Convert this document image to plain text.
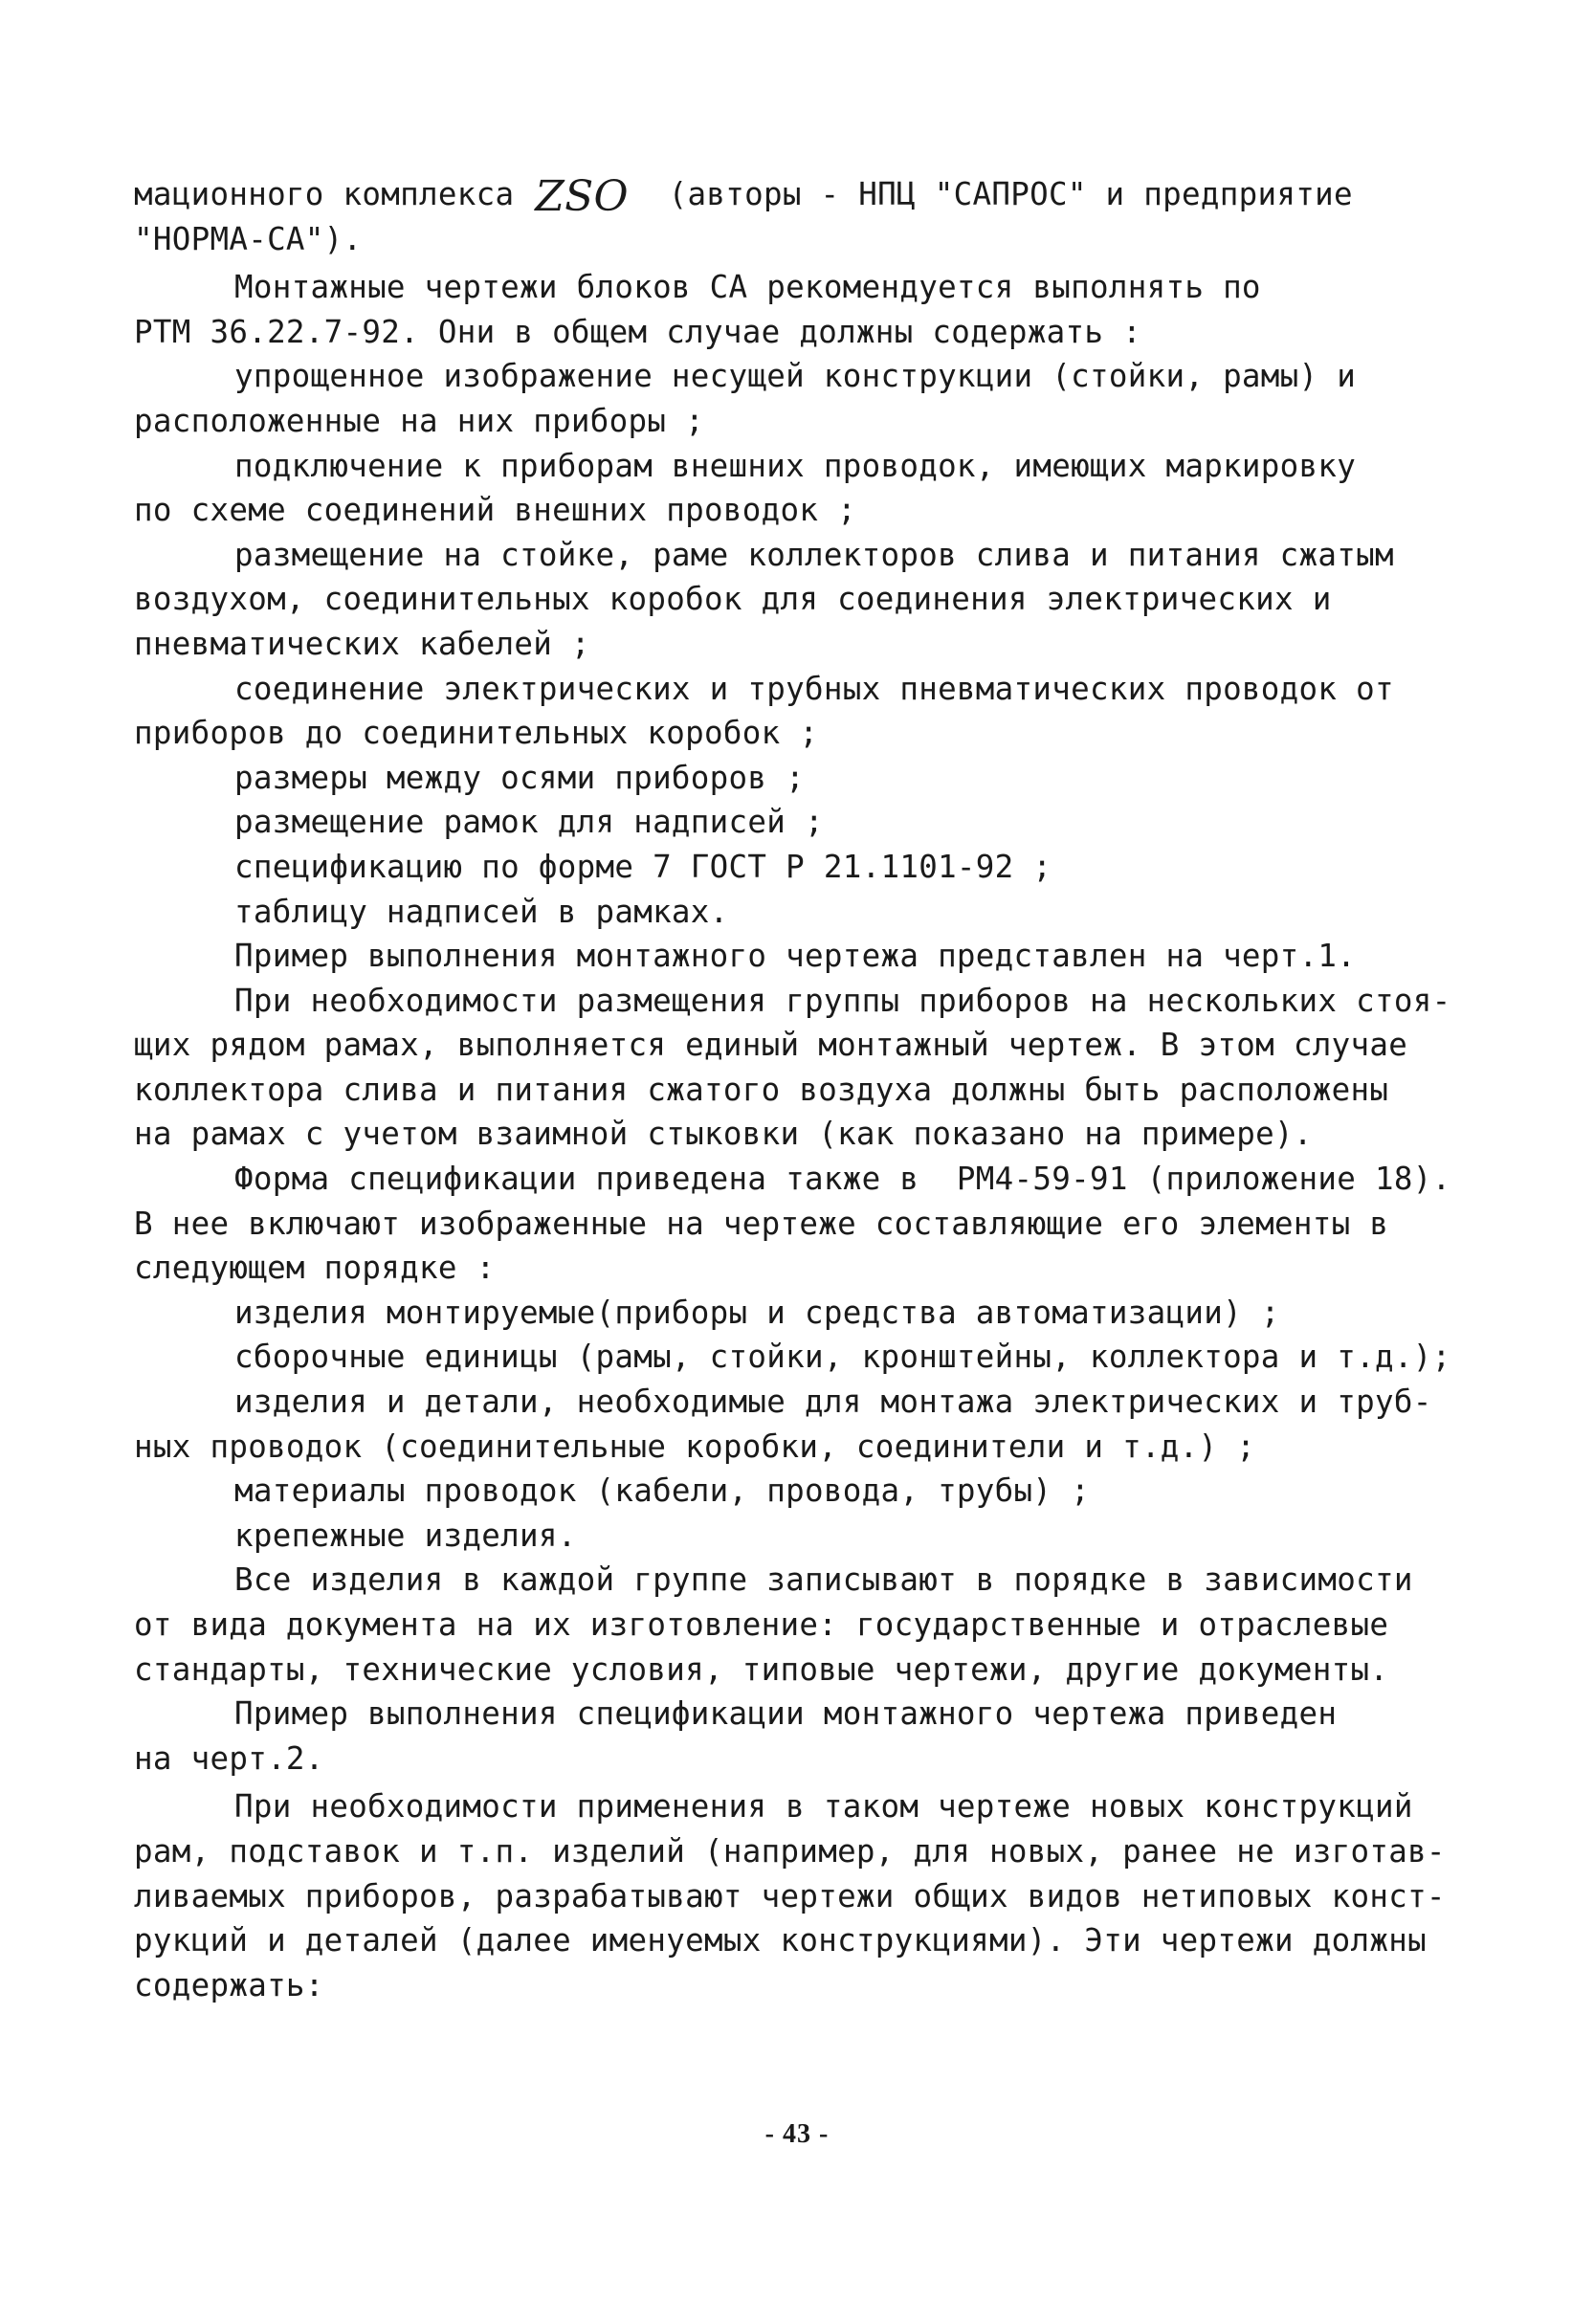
мационного комплекса ZSO  (авторы - НПЦ "САПРОС" и предприятие
"НОРМА-СА").
Монтажные чертежи блоков СА рекомендуется выполнять по
РТМ 36.22.7-92. Они в общем случае должны содержать :
упрощенное изображение несущей конструкции (стойки, рамы) и
расположенные на них приборы ;
подключение к приборам внешних проводок, имеющих маркировку
по схеме соединений внешних проводок ;
размещение на стойке, раме коллекторов слива и питания сжатым
воздухом, соединительных коробок для соединения электрических и
пневматических кабелей ;
соединение электрических и трубных пневматических проводок от
приборов до соединительных коробок ;
размеры между осями приборов ;
размещение рамок для надписей ;
спецификацию по форме 7 ГОСТ Р 21.1101-92 ;
таблицу надписей в рамках.
Пример выполнения монтажного чертежа представлен на черт.1.
При необходимости размещения группы приборов на нескольких стоя-
щих рядом рамах, выполняется единый монтажный чертеж. В этом случае
коллектора слива и питания сжатого воздуха должны быть расположены
на рамах с учетом взаимной стыковки (как показано на примере).
Форма спецификации приведена также в  РМ4-59-91 (приложение 18).
В нее включают изображенные на чертеже составляющие его элементы в
следующем порядке :
изделия монтируемые(приборы и средства автоматизации) ;
сборочные единицы (рамы, стойки, кронштейны, коллектора и т.д.);
изделия и детали, необходимые для монтажа электрических и труб-
ных проводок (соединительные коробки, соединители и т.д.) ;
материалы проводок (кабели, провода, трубы) ;
крепежные изделия.
Все изделия в каждой группе записывают в порядке в зависимости
от вида документа на их изготовление: государственные и отраслевые
стандарты, технические условия, типовые чертежи, другие документы.
Пример выполнения спецификации монтажного чертежа приведен
на черт.2.
При необходимости применения в таком чертеже новых конструкций
рам, подставок и т.п. изделий (например, для новых, ранее не изготав-
ливаемых приборов, разрабатывают чертежи общих видов нетиповых конст-
рукций и деталей (далее именуемых конструкциями). Эти чертежи должны
содержать:
- 43 -
